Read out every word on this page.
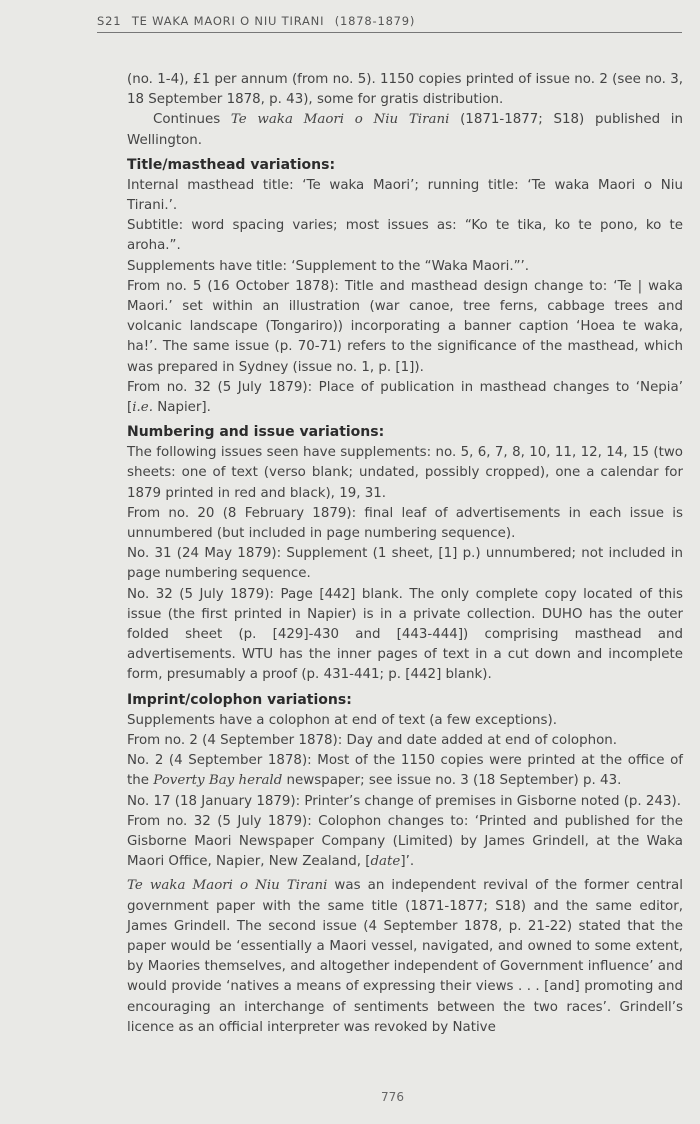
S21 TE WAKA MAORI O NIU TIRANI (1878-1879)

(no. 1-4), £1 per annum (from no. 5). 1150 copies printed of issue no. 2 (see no. 3, 18 September 1878, p. 43), some for gratis distribution.

Continues Te waka Maori o Niu Tirani (1871-1877; S18) published in Wellington.

Title/masthead variations:

Internal masthead title: ‘Te waka Maori’; running title: ‘Te waka Maori o Niu Tirani.’.

Subtitle: word spacing varies; most issues as: “Ko te tika, ko te pono, ko te aroha.”.

Supplements have title: ‘Supplement to the “Waka Maori.”’.

From no. 5 (16 October 1878): Title and masthead design change to: ‘Te | waka Maori.’ set within an illustration (war canoe, tree ferns, cabbage trees and volcanic landscape (Tongariro)) incorporating a banner caption ‘Hoea te waka, ha!’. The same issue (p. 70-71) refers to the significance of the masthead, which was prepared in Sydney (issue no. 1, p. [1]).

From no. 32 (5 July 1879): Place of publication in masthead changes to ‘Nepia’ [i.e. Napier].

Numbering and issue variations:

The following issues seen have supplements: no. 5, 6, 7, 8, 10, 11, 12, 14, 15 (two sheets: one of text (verso blank; undated, possibly cropped), one a calendar for 1879 printed in red and black), 19, 31.

From no. 20 (8 February 1879): final leaf of advertisements in each issue is unnumbered (but included in page numbering sequence).

No. 31 (24 May 1879): Supplement (1 sheet, [1] p.) unnumbered; not included in page numbering sequence.

No. 32 (5 July 1879): Page [442] blank. The only complete copy located of this issue (the first printed in Napier) is in a private collection. DUHO has the outer folded sheet (p. [429]-430 and [443-444]) comprising masthead and advertisements. WTU has the inner pages of text in a cut down and incomplete form, presumably a proof (p. 431-441; p. [442] blank).

Imprint/colophon variations:

Supplements have a colophon at end of text (a few exceptions).

From no. 2 (4 September 1878): Day and date added at end of colophon.

No. 2 (4 September 1878): Most of the 1150 copies were printed at the office of the Poverty Bay herald newspaper; see issue no. 3 (18 September) p. 43.

No. 17 (18 January 1879): Printer’s change of premises in Gisborne noted (p. 243).

From no. 32 (5 July 1879): Colophon changes to: ‘Printed and published for the Gisborne Maori Newspaper Company (Limited) by James Grindell, at the Waka Maori Office, Napier, New Zealand, [date]’.

Te waka Maori o Niu Tirani was an independent revival of the former central government paper with the same title (1871-1877; S18) and the same editor, James Grindell. The second issue (4 September 1878, p. 21-22) stated that the paper would be ‘essentially a Maori vessel, navigated, and owned to some extent, by Maories themselves, and altogether independent of Government influence’ and would provide ‘natives a means of expressing their views . . . [and] promoting and encouraging an interchange of sentiments between the two races’. Grindell’s licence as an official interpreter was revoked by Native

776
